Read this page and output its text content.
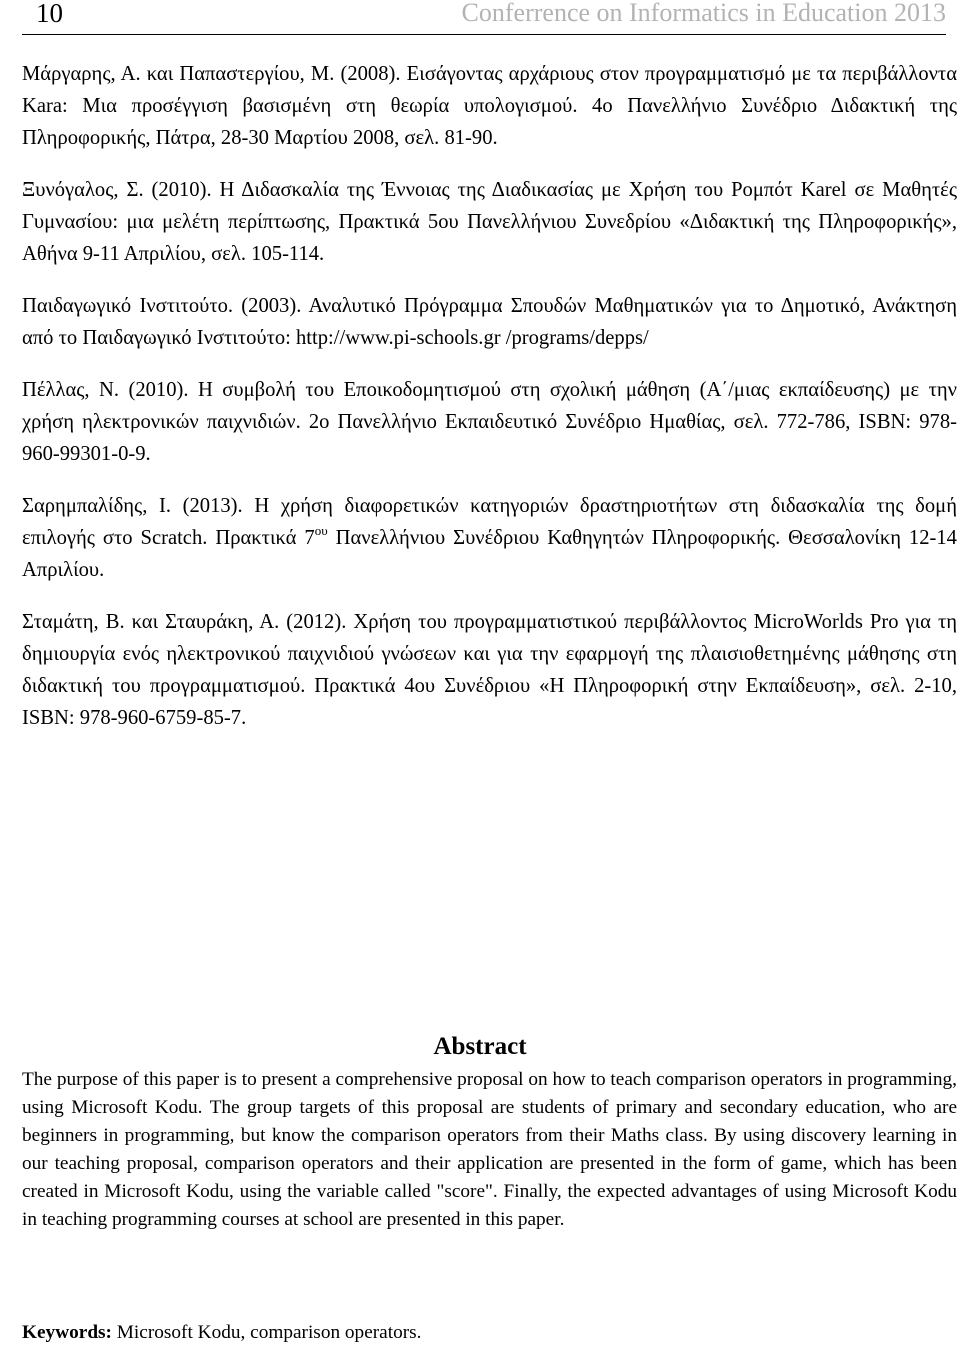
10	Conferrence on Informatics in Education 2013

Μάργαρης, Α. και Παπαστεργίου, Μ. (2008). Εισάγοντας αρχάριους στον προγραμματισμό με τα περιβάλλοντα Kara: Μια προσέγγιση βασισμένη στη θεωρία υπολογισμού. 4ο Πανελλήνιο Συνέδριο Διδακτική της Πληροφορικής, Πάτρα, 28-30 Μαρτίου 2008, σελ. 81-90.

Ξυνόγαλος, Σ. (2010). Η Διδασκαλία της Έννοιας της Διαδικασίας με Χρήση του Ρομπότ Karel σε Μαθητές Γυμνασίου: μια μελέτη περίπτωσης, Πρακτικά 5ου Πανελλήνιου Συνεδρίου «Διδακτική της Πληροφορικής», Αθήνα 9-11 Απριλίου, σελ. 105-114.

Παιδαγωγικό Ινστιτούτο. (2003). Αναλυτικό Πρόγραμμα Σπουδών Μαθηματικών για το Δημοτικό, Ανάκτηση από το Παιδαγωγικό Ινστιτούτο: http://www.pi-schools.gr /programs/depps/

Πέλλας, Ν. (2010). Η συμβολή του Εποικοδομητισμού στη σχολική μάθηση (Α΄/μιας εκπαίδευσης) με την χρήση ηλεκτρονικών παιχνιδιών. 2ο Πανελλήνιο Εκπαιδευτικό Συνέδριο Ημαθίας, σελ. 772-786, ISBN: 978-960-99301-0-9.

Σαρημπαλίδης, Ι. (2013). Η χρήση διαφορετικών κατηγοριών δραστηριοτήτων στη διδασκαλία της δομή επιλογής στο Scratch. Πρακτικά $7^{o\upsilon}$ Πανελλήνιου Συνέδριου Καθηγητών Πληροφορικής. Θεσσαλονίκη 12-14 Απριλίου.

Σταμάτη, Β. και Σταυράκη, Α. (2012). Χρήση του προγραμματιστικού περιβάλλοντος MicroWorlds Pro για τη δημιουργία ενός ηλεκτρονικού παιχνιδιού γνώσεων και για την εφαρμογή της πλαισιοθετημένης μάθησης στη διδακτική του προγραμματισμού. Πρακτικά 4ου Συνέδριου «Η Πληροφορική στην Εκπαίδευση», σελ. 2-10, ISBN: 978-960-6759-85-7.

Abstract

The purpose of this paper is to present a comprehensive proposal on how to teach comparison operators in programming, using Microsoft Kodu. The group targets of this proposal are students of primary and secondary education, who are beginners in programming, but know the comparison operators from their Maths class. By using discovery learning in our teaching proposal, comparison operators and their application are presented in the form of game, which has been created in Microsoft Kodu, using the variable called "score". Finally, the expected advantages of using Microsoft Kodu in teaching programming courses at school are presented in this paper.

Keywords: Microsoft Kodu, comparison operators.
